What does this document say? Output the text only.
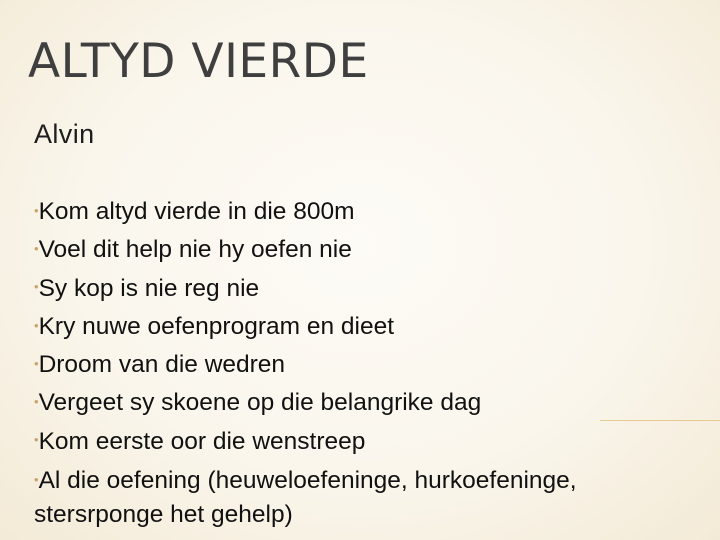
ALTYD VIERDE
Alvin
•Kom altyd vierde in die 800m
•Voel dit help nie hy oefen nie
•Sy kop is nie reg nie
•Kry nuwe oefenprogram en dieet
•Droom van die wedren
•Vergeet sy skoene op die belangrike dag
•Kom eerste oor die wenstreep
•Al die oefening (heuweloefeninge, hurkoefeninge, stersrponge het gehelp)
